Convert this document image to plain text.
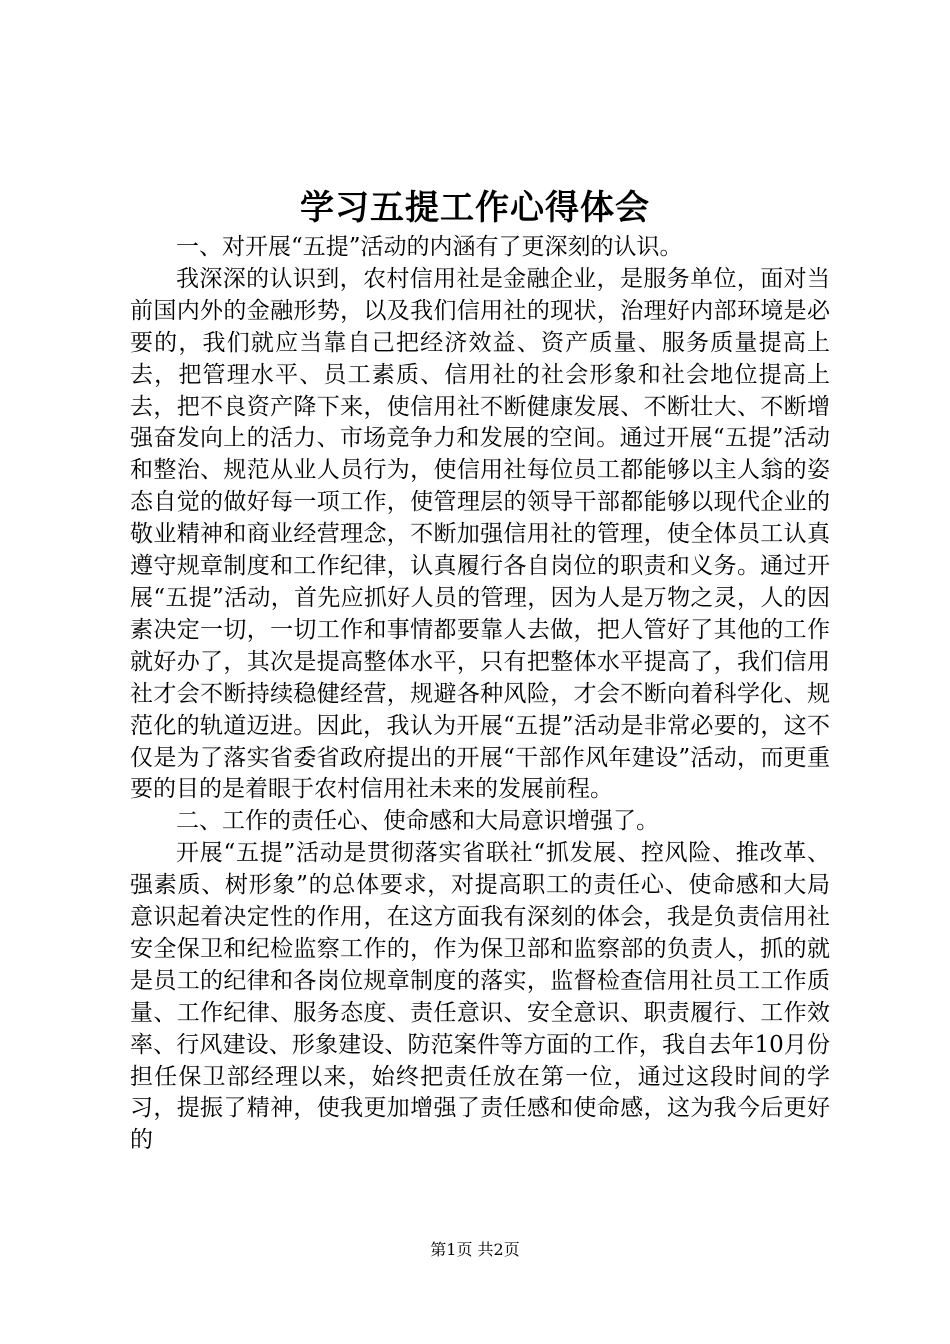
学习五提工作心得体会

一、对开展“五提”活动的内涵有了更深刻的认识。

我深深的认识到，农村信用社是金融企业，是服务单位，面对当前国内外的金融形势，以及我们信用社的现状，治理好内部环境是必要的，我们就应当靠自己把经济效益、资产质量、服务质量提高上去，把管理水平、员工素质、信用社的社会形象和社会地位提高上去，把不良资产降下来，使信用社不断健康发展、不断壮大、不断增强奋发向上的活力、市场竞争力和发展的空间。通过开展“五提”活动和整治、规范从业人员行为，使信用社每位员工都能够以主人翁的姿态自觉的做好每一项工作，使管理层的领导干部都能够以现代企业的敬业精神和商业经营理念，不断加强信用社的管理，使全体员工认真遵守规章制度和工作纪律，认真履行各自岗位的职责和义务。通过开展“五提”活动，首先应抓好人员的管理，因为人是万物之灵，人的因素决定一切，一切工作和事情都要靠人去做，把人管好了其他的工作就好办了，其次是提高整体水平，只有把整体水平提高了，我们信用社才会不断持续稳健经营，规避各种风险，才会不断向着科学化、规范化的轨道迈进。因此，我认为开展“五提”活动是非常必要的，这不仅是为了落实省委省政府提出的开展“干部作风年建设”活动，而更重要的目的是着眼于农村信用社未来的发展前程。

二、工作的责任心、使命感和大局意识增强了。

开展“五提”活动是贯彻落实省联社“抓发展、控风险、推改革、强素质、树形象”的总体要求，对提高职工的责任心、使命感和大局意识起着决定性的作用，在这方面我有深刻的体会，我是负责信用社安全保卫和纪检监察工作的，作为保卫部和监察部的负责人，抓的就是员工的纪律和各岗位规章制度的落实，监督检查信用社员工工作质量、工作纪律、服务态度、责任意识、安全意识、职责履行、工作效率、行风建设、形象建设、防范案件等方面的工作，我自去年10月份担任保卫部经理以来，始终把责任放在第一位，通过这段时间的学习，提振了精神，使我更加增强了责任感和使命感，这为我今后更好的

第1页 共2页
